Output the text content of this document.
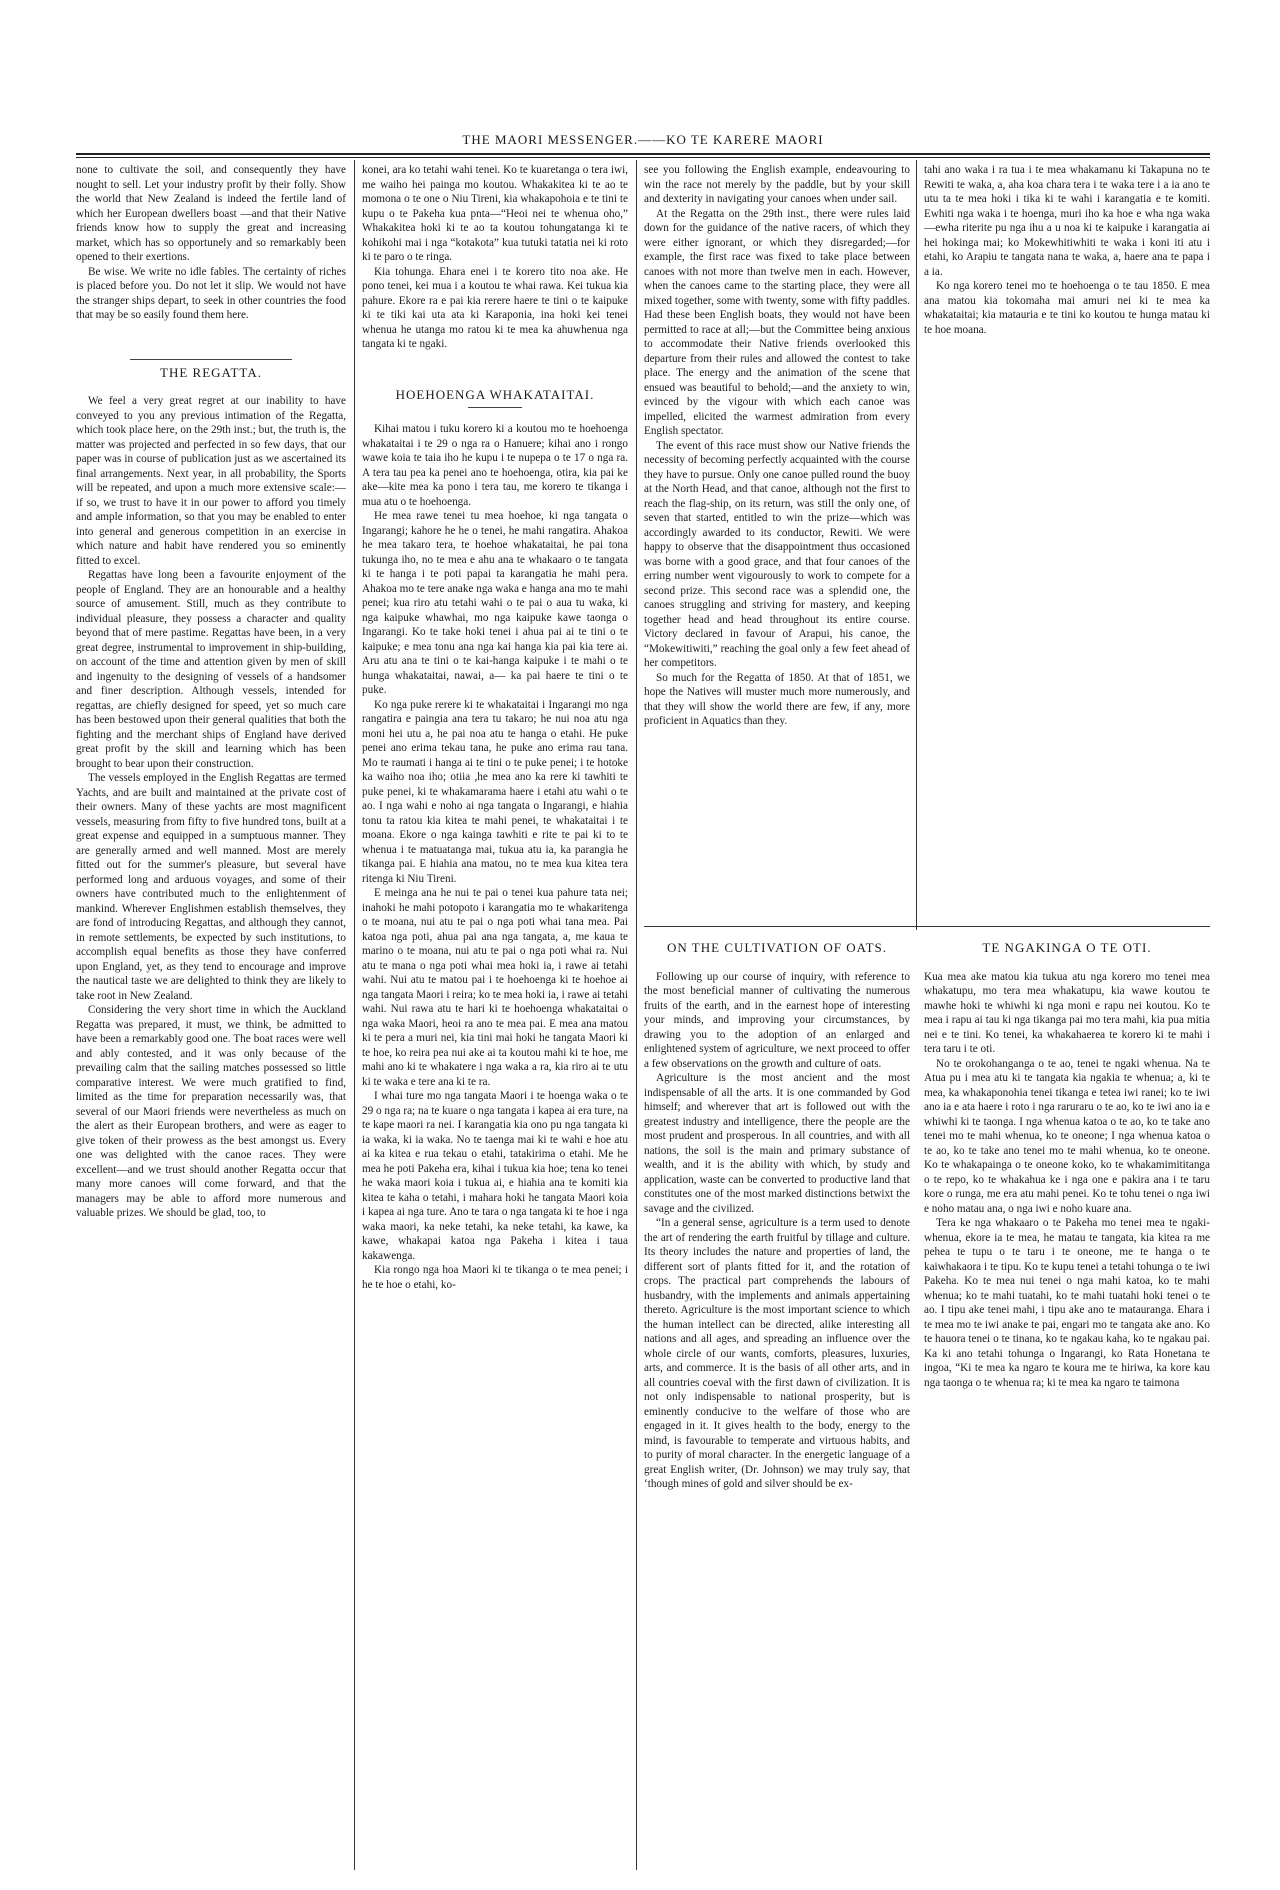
THE MAORI MESSENGER.——KO TE KARERE MAORI

none to cultivate the soil, and consequently they have nought to sell. Let your industry profit by their folly. Show the world that New Zealand is indeed the fertile land of which her European dwellers boast —and that their Native friends know how to supply the great and increasing market, which has so opportunely and so remarkably been opened to their exertions.

Be wise. We write no idle fables. The certainty of riches is placed before you. Do not let it slip. We would not have the stranger ships depart, to seek in other countries the food that may be so easily found them here.

THE REGATTA.

We feel a very great regret at our inability to have conveyed to you any previous intimation of the Regatta, which took place here, on the 29th inst.; but, the truth is, the matter was projected and perfected in so few days, that our paper was in course of publication just as we ascertained its final arrangements. Next year, in all probability, the Sports will be repeated, and upon a much more extensive scale:—if so, we trust to have it in our power to afford you timely and ample information, so that you may be enabled to enter into general and generous competition in an exercise in which nature and habit have rendered you so eminently fitted to excel.

Regattas have long been a favourite enjoyment of the people of England. They are an honourable and a healthy source of amusement. Still, much as they contribute to individual pleasure, they possess a character and quality beyond that of mere pastime. Regattas have been, in a very great degree, instrumental to improvement in ship-building, on account of the time and attention given by men of skill and ingenuity to the designing of vessels of a handsomer and finer description. Although vessels, intended for regattas, are chiefly designed for speed, yet so much care has been bestowed upon their general qualities that both the fighting and the merchant ships of England have derived great profit by the skill and learning which has been brought to bear upon their construction.

The vessels employed in the English Regattas are termed Yachts, and are built and maintained at the private cost of their owners. Many of these yachts are most magnificent vessels, measuring from fifty to five hundred tons, built at a great expense and equipped in a sumptuous manner. They are generally armed and well manned. Most are merely fitted out for the summer's pleasure, but several have performed long and arduous voyages, and some of their owners have contributed much to the enlightenment of mankind. Wherever Englishmen establish themselves, they are fond of introducing Regattas, and although they cannot, in remote settlements, be expected by such institutions, to accomplish equal benefits as those they have conferred upon England, yet, as they tend to encourage and improve the nautical taste we are delighted to think they are likely to take root in New Zealand.

Considering the very short time in which the Auckland Regatta was prepared, it must, we think, be admitted to have been a remarkably good one. The boat races were well and ably contested, and it was only because of the prevailing calm that the sailing matches possessed so little comparative interest. We were much gratified to find, limited as the time for preparation necessarily was, that several of our Maori friends were nevertheless as much on the alert as their European brothers, and were as eager to give token of their prowess as the best amongst us. Every one was delighted with the canoe races. They were excellent—and we trust should another Regatta occur that many more canoes will come forward, and that the managers may be able to afford more numerous and valuable prizes. We should be glad, too, to

konei, ara ko tetahi wahi tenei. Ko te kuaretanga o tera iwi, me waiho hei painga mo koutou. Whakakitea ki te ao te momona o te one o Niu Tireni, kia whakapohoia e te tini te kupu o te Pakeha kua pnta—“Heoi nei te whenua oho,” Whakakitea hoki ki te ao ta koutou tohungatanga ki te kohikohi mai i nga “kotakota” kua tutuki tatatia nei ki roto ki te paro o te ringa.

Kia tohunga. Ehara enei i te korero tito noa ake. He pono tenei, kei mua i a koutou te whai rawa. Kei tukua kia pahure. Ekore ra e pai kia rerere haere te tini o te kaipuke ki te tiki kai uta ata ki Karaponia, ina hoki kei tenei whenua he utanga mo ratou ki te mea ka ahuwhenua nga tangata ki te ngaki.

HOEHOENGA WHAKATAITAI.

Kihai matou i tuku korero ki a koutou mo te hoehoenga whakataitai i te 29 o nga ra o Hanuere; kihai ano i rongo wawe koia te taia iho he kupu i te nupepa o te 17 o nga ra. A tera tau pea ka penei ano te hoehoenga, otira, kia pai ke ake—kite mea ka pono i tera tau, me korero te tikanga i mua atu o te hoehoenga.

He mea rawe tenei tu mea hoehoe, ki nga tangata o Ingarangi; kahore he he o tenei, he mahi rangatira. Ahakoa he mea takaro tera, te hoehoe whakataitai, he pai tona tukunga iho, no te mea e ahu ana te whakaaro o te tangata ki te hanga i te poti papai ta karangatia he mahi pera. Ahakoa mo te tere anake nga waka e hanga ana mo te mahi penei; kua riro atu tetahi wahi o te pai o aua tu waka, ki nga kaipuke whawhai, mo nga kaipuke kawe taonga o Ingarangi. Ko te take hoki tenei i ahua pai ai te tini o te kaipuke; e mea tonu ana nga kai hanga kia pai kia tere ai. Aru atu ana te tini o te kai-hanga kaipuke i te mahi o te hunga whakataitai, nawai, a— ka pai haere te tini o te puke.

Ko nga puke rerere ki te whakataitai i Ingarangi mo nga rangatira e paingia ana tera tu takaro; he nui noa atu nga moni hei utu a, he pai noa atu te hanga o etahi. He puke penei ano erima tekau tana, he puke ano erima rau tana. Mo te raumati i hanga ai te tini o te puke penei; i te hotoke ka waiho noa iho; otiia ,he mea ano ka rere ki tawhiti te puke penei, ki te whakamarama haere i etahi atu wahi o te ao. I nga wahi e noho ai nga tangata o Ingarangi, e hiahia tonu ta ratou kia kitea te mahi penei, te whakataitai i te moana. Ekore o nga kainga tawhiti e rite te pai ki to te whenua i te matuatanga mai, tukua atu ia, ka parangia he tikanga pai. E hiahia ana matou, no te mea kua kitea tera ritenga ki Niu Tireni.

E meinga ana he nui te pai o tenei kua pahure tata nei; inahoki he mahi potopoto i karangatia mo te whakaritenga o te moana, nui atu te pai o nga poti whai tana mea. Pai katoa nga poti, ahua pai ana nga tangata, a, me kaua te marino o te moana, nui atu te pai o nga poti whai ra. Nui atu te mana o nga poti whai mea hoki ia, i rawe ai tetahi wahi. Nui atu te matou pai i te hoehoenga ki te hoehoe ai nga tangata Maori i reira; ko te mea hoki ia, i rawe ai tetahi wahi. Nui rawa atu te hari ki te hoehoenga whakataitai o nga waka Maori, heoi ra ano te mea pai. E mea ana matou ki te pera a muri nei, kia tini mai hoki he tangata Maori ki te hoe, ko reira pea nui ake ai ta koutou mahi ki te hoe, me mahi ano ki te whakatere i nga waka a ra, kia riro ai te utu ki te waka e tere ana ki te ra.

I whai ture mo nga tangata Maori i te hoenga waka o te 29 o nga ra; na te kuare o nga tangata i kapea ai era ture, na te kape maori ra nei. I karangatia kia ono pu nga tangata ki ia waka, ki ia waka. No te taenga mai ki te wahi e hoe atu ai ka kitea e rua tekau o etahi, tatakirima o etahi. Me he mea he poti Pakeha era, kihai i tukua kia hoe; tena ko tenei he waka maori koia i tukua ai, e hiahia ana te komiti kia kitea te kaha o tetahi, i mahara hoki he tangata Maori koia i kapea ai nga ture. Ano te tara o nga tangata ki te hoe i nga waka maori, ka neke tetahi, ka neke tetahi, ka kawe, ka kawe, whakapai katoa nga Pakeha i kitea i taua kakawenga.

Kia rongo nga hoa Maori ki te tikanga o te mea penei; i he te hoe o etahi, ko-

see you following the English example, endeavouring to win the race not merely by the paddle, but by your skill and dexterity in navigating your canoes when under sail.

At the Regatta on the 29th inst., there were rules laid down for the guidance of the native racers, of which they were either ignorant, or which they disregarded;—for example, the first race was fixed to take place between canoes with not more than twelve men in each. However, when the canoes came to the starting place, they were all mixed together, some with twenty, some with fifty paddles. Had these been English boats, they would not have been permitted to race at all;—but the Committee being anxious to accommodate their Native friends overlooked this departure from their rules and allowed the contest to take place. The energy and the animation of the scene that ensued was beautiful to behold;—and the anxiety to win, evinced by the vigour with which each canoe was impelled, elicited the warmest admiration from every English spectator.

The event of this race must show our Native friends the necessity of becoming perfectly acquainted with the course they have to pursue. Only one canoe pulled round the buoy at the North Head, and that canoe, although not the first to reach the flag-ship, on its return, was still the only one, of seven that started, entitled to win the prize—which was accordingly awarded to its conductor, Rewiti. We were happy to observe that the disappointment thus occasioned was borne with a good grace, and that four canoes of the erring number went vigourously to work to compete for a second prize. This second race was a splendid one, the canoes struggling and striving for mastery, and keeping together head and head throughout its entire course. Victory declared in favour of Arapui, his canoe, the “Mokewitiwiti,” reaching the goal only a few feet ahead of her competitors.

So much for the Regatta of 1850. At that of 1851, we hope the Natives will muster much more numerously, and that they will show the world there are few, if any, more proficient in Aquatics than they.

tahi ano waka i ra tua i te mea whakamanu ki Takapuna no te Rewiti te waka, a, aha koa chara tera i te waka tere i a ia ano te utu ta te mea hoki i tika ki te wahi i karangatia e te komiti. Ewhiti nga waka i te hoenga, muri iho ka hoe e wha nga waka—ewha riterite pu nga ihu a u noa ki te kaipuke i karangatia ai hei hokinga mai; ko Mokewhitiwhiti te waka i koni iti atu i etahi, ko Arapiu te tangata nana te waka, a, haere ana te papa i a ia.

Ko nga korero tenei mo te hoehoenga o te tau 1850. E mea ana matou kia tokomaha mai amuri nei ki te mea ka whakataitai; kia matauria e te tini ko koutou te hunga matau ki te hoe moana.

ON THE CULTIVATION OF OATS.

Following up our course of inquiry, with reference to the most beneficial manner of cultivating the numerous fruits of the earth, and in the earnest hope of interesting your minds, and improving your circumstances, by drawing you to the adoption of an enlarged and enlightened system of agriculture, we next proceed to offer a few observations on the growth and culture of oats.

Agriculture is the most ancient and the most indispensable of all the arts. It is one commanded by God himself; and wherever that art is followed out with the greatest industry and intelligence, there the people are the most prudent and prosperous. In all countries, and with all nations, the soil is the main and primary substance of wealth, and it is the ability with which, by study and application, waste can be converted to productive land that constitutes one of the most marked distinctions betwixt the savage and the civilized.

“In a general sense, agriculture is a term used to denote the art of rendering the earth fruitful by tillage and culture. Its theory includes the nature and properties of land, the different sort of plants fitted for it, and the rotation of crops. The practical part comprehends the labours of husbandry, with the implements and animals appertaining thereto. Agriculture is the most important science to which the human intellect can be directed, alike interesting all nations and all ages, and spreading an influence over the whole circle of our wants, comforts, pleasures, luxuries, arts, and commerce. It is the basis of all other arts, and in all countries coeval with the first dawn of civilization. It is not only indispensable to national prosperity, but is eminently conducive to the welfare of those who are engaged in it. It gives health to the body, energy to the mind, is favourable to temperate and virtuous habits, and to purity of moral character. In the energetic language of a great English writer, (Dr. Johnson) we may truly say, that ‘though mines of gold and silver should be ex-

TE NGAKINGA O TE OTI.

Kua mea ake matou kia tukua atu nga korero mo tenei mea whakatupu, mo tera mea whakatupu, kia wawe koutou te mawhe hoki te whiwhi ki nga moni e rapu nei koutou. Ko te mea i rapu ai tau ki nga tikanga pai mo tera mahi, kia pua mitia nei e te tini. Ko tenei, ka whakahaerea te korero ki te mahi i tera taru i te oti.

No te orokohanganga o te ao, tenei te ngaki whenua. Na te Atua pu i mea atu ki te tangata kia ngakia te whenua; a, ki te mea, ka whakaponohia tenei tikanga e tetea iwi ranei; ko te iwi ano ia e ata haere i roto i nga raruraru o te ao, ko te iwi ano ia e whiwhi ki te taonga. I nga whenua katoa o te ao, ko te take ano tenei mo te mahi whenua, ko te oneone; I nga whenua katoa o te ao, ko te take ano tenei mo te mahi whenua, ko te oneone. Ko te whakapainga o te oneone koko, ko te whakamimititanga o te repo, ko te whakahua ke i nga one e pakira ana i te taru kore o runga, me era atu mahi penei. Ko te tohu tenei o nga iwi e noho matau ana, o nga iwi e noho kuare ana.

Tera ke nga whakaaro o te Pakeha mo tenei mea te ngaki-whenua, ekore ia te mea, he matau te tangata, kia kitea ra me pehea te tupu o te taru i te oneone, me te hanga o te kaiwhakaora i te tipu. Ko te kupu tenei a tetahi tohunga o te iwi Pakeha. Ko te mea nui tenei o nga mahi katoa, ko te mahi whenua; ko te mahi tuatahi, ko te mahi tuatahi hoki tenei o te ao. I tipu ake tenei mahi, i tipu ake ano te matauranga. Ehara i te mea mo te iwi anake te pai, engari mo te tangata ake ano. Ko te hauora tenei o te tinana, ko te ngakau kaha, ko te ngakau pai. Ka ki ano tetahi tohunga o Ingarangi, ko Rata Honetana te ingoa, “Ki te mea ka ngaro te koura me te hiriwa, ka kore kau nga taonga o te whenua ra; ki te mea ka ngaro te taimona
